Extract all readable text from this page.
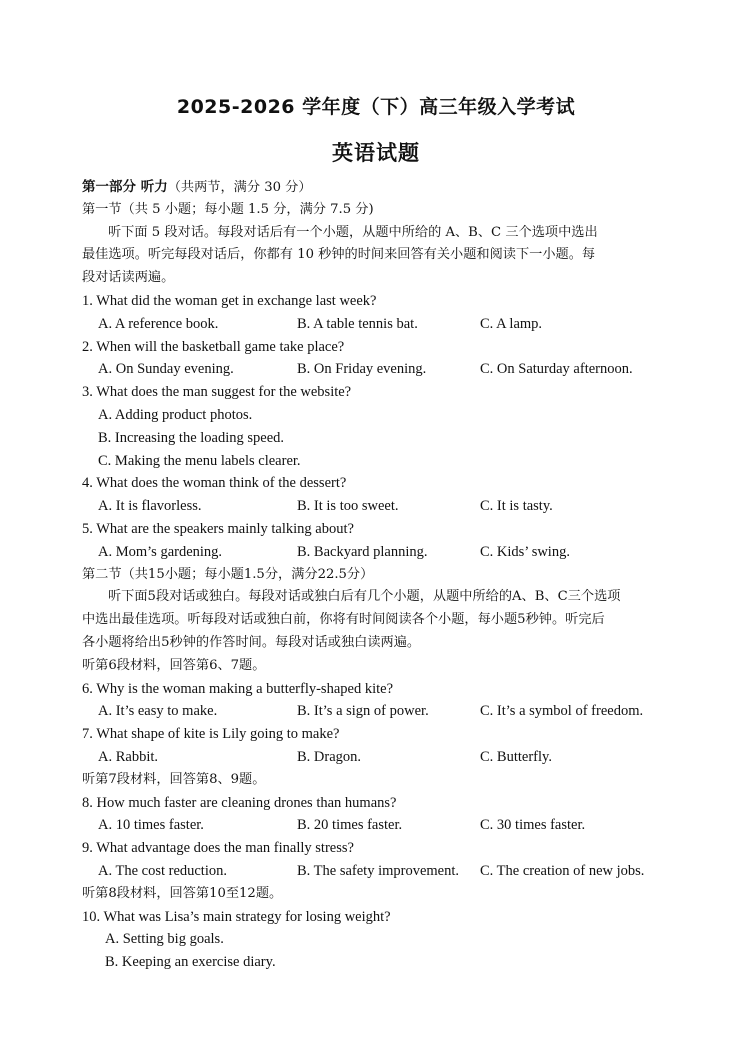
2025-2026 学年度（下）高三年级入学考试
英语试题
第一部分 听力（共两节，满分 30 分）
第一节（共 5 小题；每小题 1.5 分，满分 7.5 分)
听下面 5 段对话。每段对话后有一个小题，从题中所给的 A、B、C 三个选项中选出
最佳选项。听完每段对话后，你都有 10 秒钟的时间来回答有关小题和阅读下一小题。每
段对话读两遍。
1. What did the woman get in exchange last week?
A. A reference book.	B. A table tennis bat.	C. A lamp.
2. When will the basketball game take place?
A. On Sunday evening.	B. On Friday evening.	C. On Saturday afternoon.
3. What does the man suggest for the website?
A. Adding product photos.
B. Increasing the loading speed.
C. Making the menu labels clearer.
4. What does the woman think of the dessert?
A. It is flavorless.	B. It is too sweet.	C. It is tasty.
5. What are the speakers mainly talking about?
A. Mom’s gardening.	B. Backyard planning.	C. Kids’ swing.
第二节（共15小题；每小题1.5分，满分22.5分）
听下面5段对话或独白。每段对话或独白后有几个小题，从题中所给的A、B、C三个选项
中选出最佳选项。听每段对话或独白前，你将有时间阅读各个小题，每小题5秒钟。听完后
各小题将给出5秒钟的作答时间。每段对话或独白读两遍。
听第6段材料，回答第6、7题。
6. Why is the woman making a butterfly-shaped kite?
A. It’s easy to make.	B. It’s a sign of power.	C. It’s a symbol of freedom.
7. What shape of kite is Lily going to make?
A. Rabbit.	B. Dragon.	C. Butterfly.
听第7段材料，回答第8、9题。
8. How much faster are cleaning drones than humans?
A. 10 times faster.	B. 20 times faster.	C. 30 times faster.
9. What advantage does the man finally stress?
A. The cost reduction.	B. The safety improvement. C. The creation of new jobs.
听第8段材料，回答第10至12题。
10. What was Lisa’s main strategy for losing weight?
A. Setting big goals.
B. Keeping an exercise diary.
